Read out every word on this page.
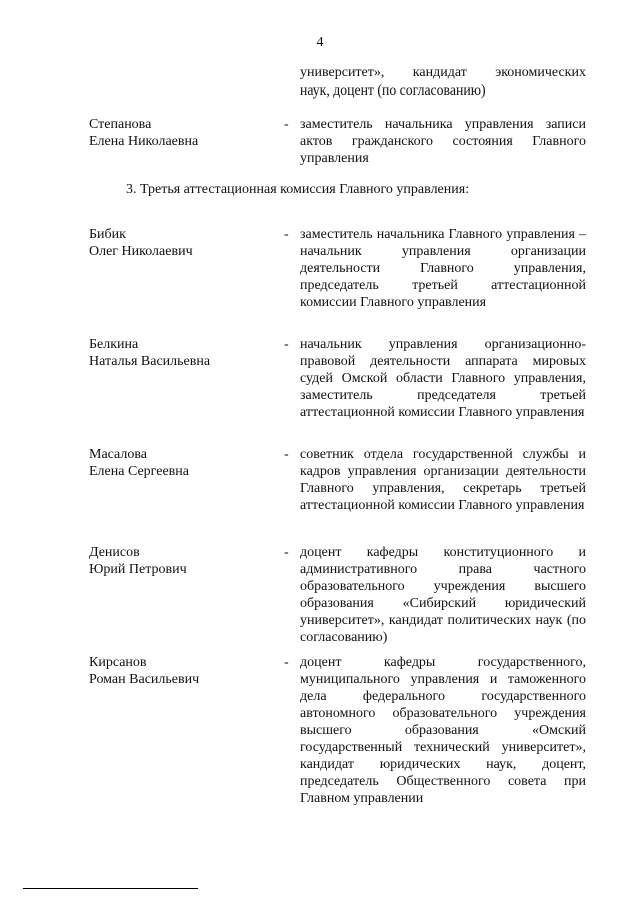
4
университет», кандидат экономических
наук, доцент (по согласованию)
Степанова
Елена Николаевна
- заместитель начальника управления записи актов гражданского состояния Главного управления
3. Третья аттестационная комиссия Главного управления:
Бибик
Олег Николаевич
- заместитель начальника Главного управления – начальник управления организации деятельности Главного управления, председатель третьей аттестационной комиссии Главного управления
Белкина
Наталья Васильевна
- начальник управления организационно-правовой деятельности аппарата мировых судей Омской области Главного управления, заместитель председателя третьей аттестационной комиссии Главного управления
Масалова
Елена Сергеевна
- советник отдела государственной службы и кадров управления организации деятельности Главного управления, секретарь третьей аттестационной комиссии Главного управления
Денисов
Юрий Петрович
- доцент кафедры конституционного и административного права частного образовательного учреждения высшего образования «Сибирский юридический университет», кандидат политических наук (по согласованию)
Кирсанов
Роман Васильевич
- доцент кафедры государственного, муниципального управления и таможенного дела федерального государственного автономного образовательного учреждения высшего образования «Омский государственный технический университет», кандидат юридических наук, доцент, председатель Общественного совета при Главном управлении
